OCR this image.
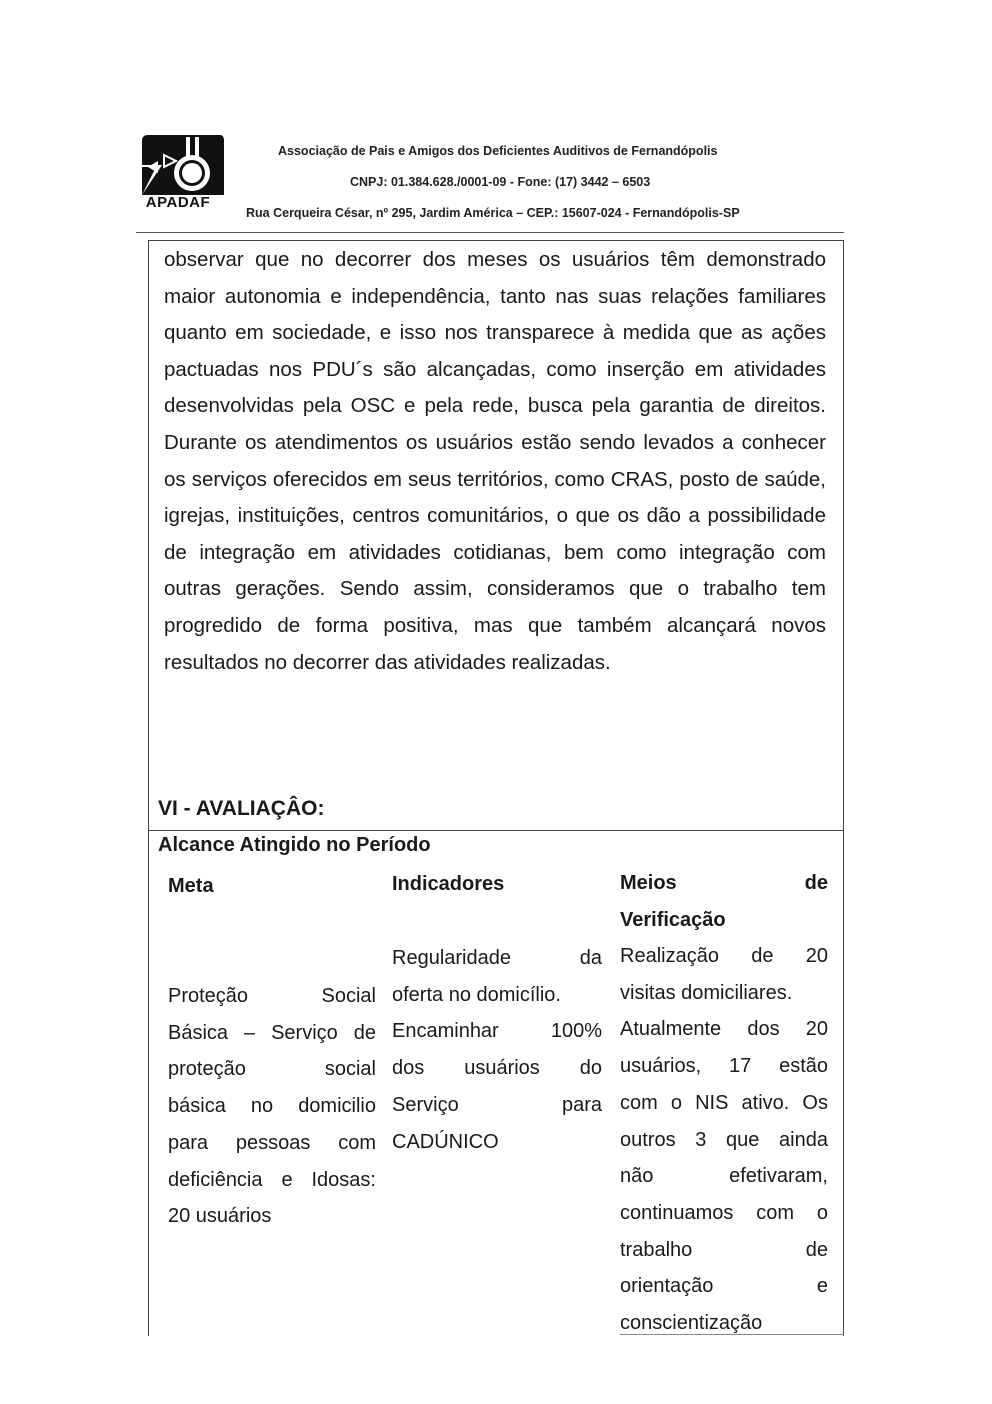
APADAF
Associação de Pais e Amigos dos Deficientes Auditivos de Fernandópolis
CNPJ: 01.384.628./0001-09 - Fone: (17) 3442 – 6503
Rua Cerqueira César, nº 295, Jardim América – CEP.: 15607-024 - Fernandópolis-SP

observar que no decorrer dos meses os usuários têm demonstrado maior autonomia e independência, tanto nas suas relações familiares quanto em sociedade, e isso nos transparece à medida que as ações pactuadas nos PDU´s são alcançadas, como inserção em atividades desenvolvidas pela OSC e pela rede, busca pela garantia de direitos. Durante os atendimentos os usuários estão sendo levados a conhecer os serviços oferecidos em seus territórios, como CRAS, posto de saúde, igrejas, instituições, centros comunitários, o que os dão a possibilidade de integração em atividades cotidianas, bem como integração com outras gerações. Sendo assim, consideramos que o trabalho tem progredido de forma positiva, mas que também alcançará novos resultados no decorrer das atividades realizadas.

VI - AVALIAÇÂO:
Alcance Atingido no Período
Meta	Indicadores	Meios de
Verificação
Proteção Social
Básica – Serviço de
proteção social
básica no domicilio
para pessoas com
deficiência e Idosas:
20 usuários
Regularidade da
oferta no domicílio.
Encaminhar 100%
dos usuários do
Serviço para
CADÚNICO
Realização de 20
visitas domiciliares.
Atualmente dos 20
usuários, 17 estão
com o NIS ativo. Os
outros 3 que ainda
não efetivaram,
continuamos com o
trabalho de
orientação e
conscientização
